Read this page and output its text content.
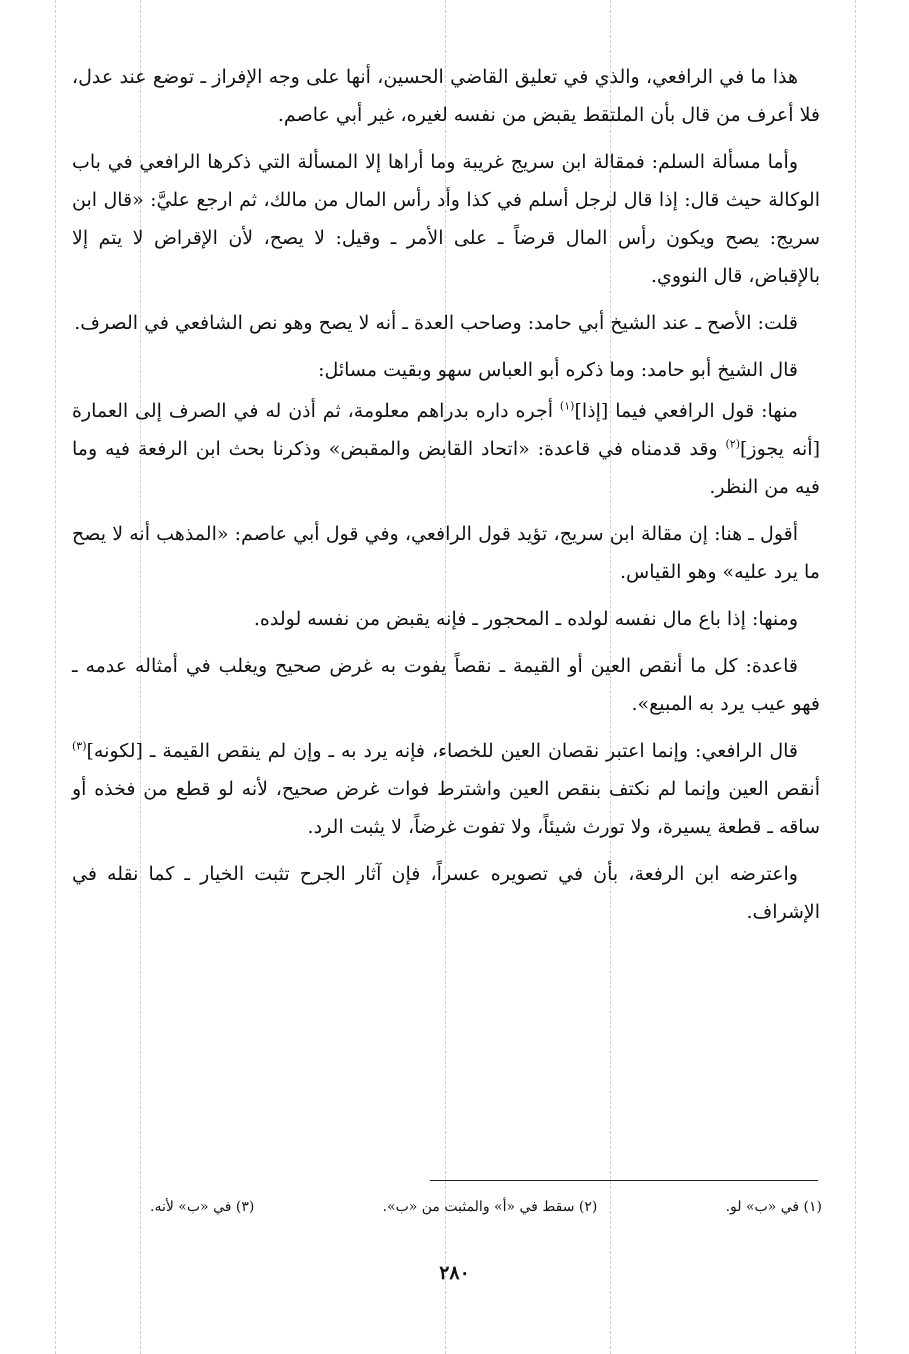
هذا ما في الرافعي، والذي في تعليق القاضي الحسين، أنها على وجه الإفراز ـ توضع عند عدل، فلا أعرف من قال بأن الملتقط يقبض من نفسه لغيره، غير أبي عاصم.

وأما مسألة السلم: فمقالة ابن سريج غريبة وما أراها إلا المسألة التي ذكرها الرافعي في باب الوكالة حيث قال: إذا قال لرجل أسلم في كذا وأد رأس المال من مالك، ثم ارجع عليَّ: «قال ابن سريج: يصح ويكون رأس المال قرضاً ـ على الأمر ـ وقيل: لا يصح، لأن الإقراض لا يتم إلا بالإقباض، قال النووي.

قلت: الأصح ـ عند الشيخ أبي حامد: وصاحب العدة ـ أنه لا يصح وهو نص الشافعي في الصرف.

قال الشيخ أبو حامد: وما ذكره أبو العباس سهو وبقيت مسائل:

منها: قول الرافعي فيما [إذا]$^{(١)}$ أجره داره بدراهم معلومة، ثم أذن له في الصرف إلى العمارة [أنه يجوز]$^{(٢)}$ وقد قدمناه في قاعدة: «اتحاد القابض والمقبض» وذكرنا بحث ابن الرفعة فيه وما فيه من النظر.

أقول ـ هنا: إن مقالة ابن سريج، تؤيد قول الرافعي، وفي قول أبي عاصم: «المذهب أنه لا يصح ما يرد عليه» وهو القياس.

ومنها: إذا باع مال نفسه لولده ـ المحجور ـ فإنه يقبض من نفسه لولده.

قاعدة: كل ما أنقص العين أو القيمة ـ نقصاً يفوت به غرض صحيح ويغلب في أمثاله عدمه ـ فهو عيب يرد به المبيع».

قال الرافعي: وإنما اعتبر نقصان العين للخصاء، فإنه يرد به ـ وإن لم ينقص القيمة ـ [لكونه]$^{(٣)}$ أنقص العين وإنما لم نكتف بنقص العين واشترط فوات غرض صحيح، لأنه لو قطع من فخذه أو ساقه ـ قطعة يسيرة، ولا تورث شيئاً، ولا تفوت غرضاً، لا يثبت الرد.

واعترضه ابن الرفعة، بأن في تصويره عسراً، فإن آثار الجرح تثبت الخيار ـ كما نقله في الإشراف.

(١) في «ب» لو.
(٢) سقط في «أ» والمثبت من «ب».
(٣) في «ب» لأنه.
٢٨٠
